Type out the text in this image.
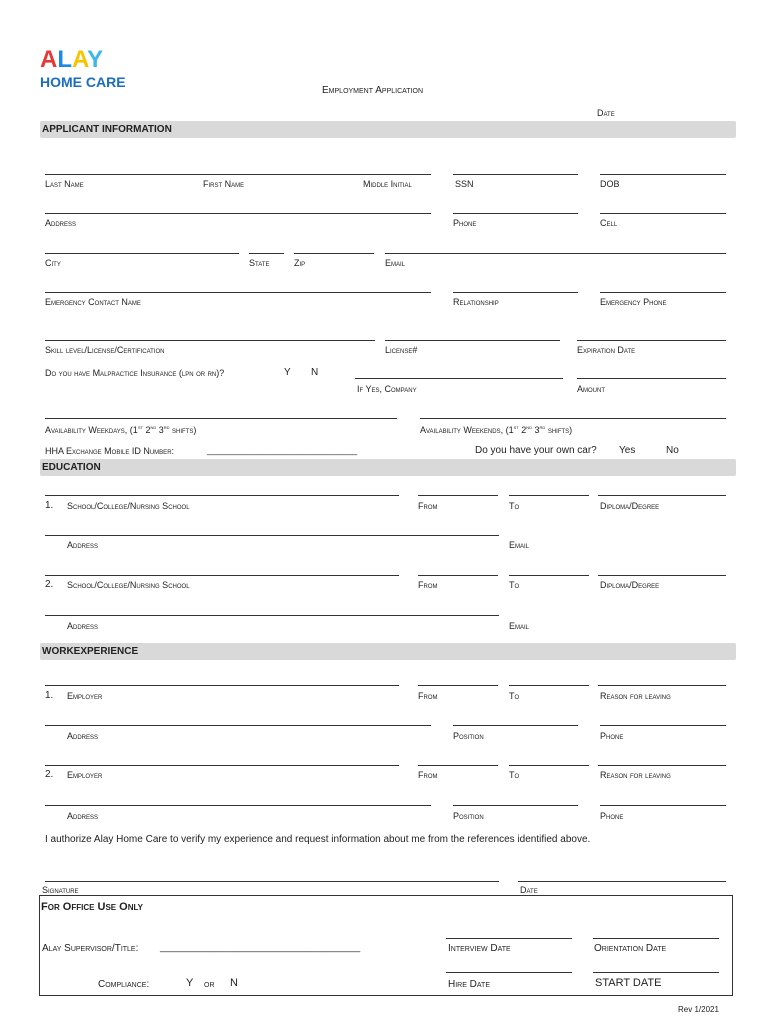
ALAY
HOME CARE
Employment Application
Date
APPLICANT INFORMATION
Last Name	First Name	Middle Initial	SSN	DOB
Address	Phone	Cell
City	State	Zip	Email
Emergency Contact Name	Relationship	Emergency Phone
Skill level/License/Certification	License#	Expiration Date
Do you have Malpractice Insurance (lpn or rn)?	Y N
If Yes, Company	Amount
Availability Weekdays, (1st 2nd 3rd shifts)	Availability Weekends, (1st 2nd 3rd shifts)
HHA Exchange Mobile ID Number:	______________________________	Do you have your own car? Yes	No
EDUCATION
1. School/College/Nursing School	From	To	Diploma/Degree
Address	Email
2. School/College/Nursing School	From	To	Diploma/Degree
Address	Email
WORKEXPERIENCE
1. Employer	From	To	Reason for leaving
Address	Position	Phone
2. Employer	From	To	Reason for leaving
Address	Position	Phone
I authorize Alay Home Care to verify my experience and request information about me from the references identified above.
Signature	Date
For Office Use Only
Alay Supervisor/Title: ____________________________________	Interview Date	Orientation Date
Compliance:	Y or N	Hire Date	START DATE
Rev 1/2021
